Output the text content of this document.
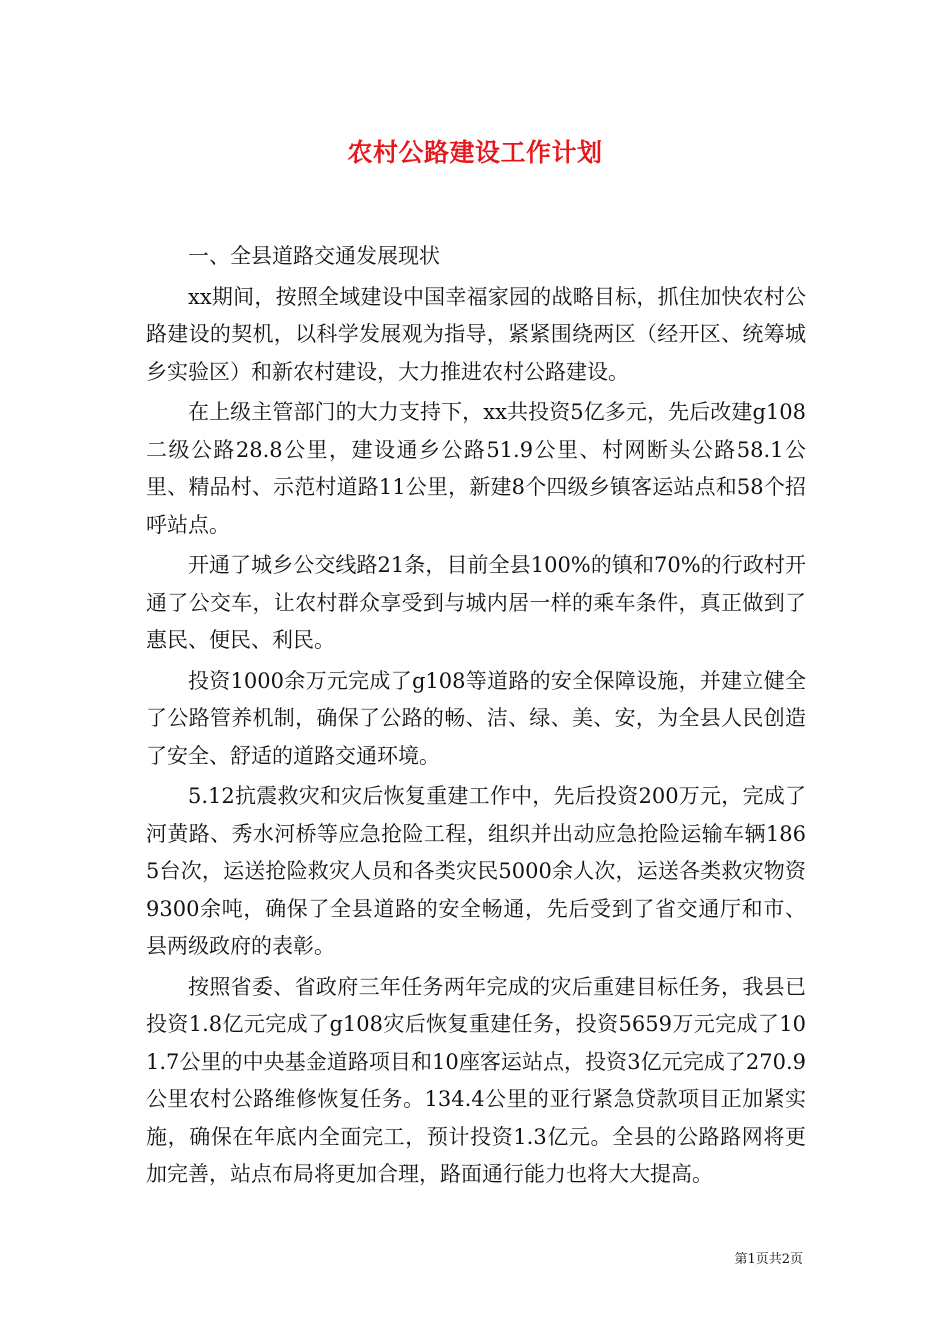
农村公路建设工作计划

一、全县道路交通发展现状

xx期间，按照全域建设中国幸福家园的战略目标，抓住加快农村公路建设的契机，以科学发展观为指导，紧紧围绕两区（经开区、统筹城乡实验区）和新农村建设，大力推进农村公路建设。

在上级主管部门的大力支持下，xx共投资5亿多元，先后改建g108二级公路28.8公里，建设通乡公路51.9公里、村网断头公路58.1公里、精品村、示范村道路11公里，新建8个四级乡镇客运站点和58个招呼站点。

开通了城乡公交线路21条，目前全县100%的镇和70%的行政村开通了公交车，让农村群众享受到与城内居一样的乘车条件，真正做到了惠民、便民、利民。

投资1000余万元完成了g108等道路的安全保障设施，并建立健全了公路管养机制，确保了公路的畅、洁、绿、美、安，为全县人民创造了安全、舒适的道路交通环境。

5.12抗震救灾和灾后恢复重建工作中，先后投资200万元，完成了河黄路、秀水河桥等应急抢险工程，组织并出动应急抢险运输车辆1865台次，运送抢险救灾人员和各类灾民5000余人次，运送各类救灾物资9300余吨，确保了全县道路的安全畅通，先后受到了省交通厅和市、县两级政府的表彰。

按照省委、省政府三年任务两年完成的灾后重建目标任务，我县已投资1.8亿元完成了g108灾后恢复重建任务，投资5659万元完成了101.7公里的中央基金道路项目和10座客运站点，投资3亿元完成了270.9公里农村公路维修恢复任务。134.4公里的亚行紧急贷款项目正加紧实施，确保在年底内全面完工，预计投资1.3亿元。全县的公路路网将更加完善，站点布局将更加合理，路面通行能力也将大大提高。

第1页共2页
